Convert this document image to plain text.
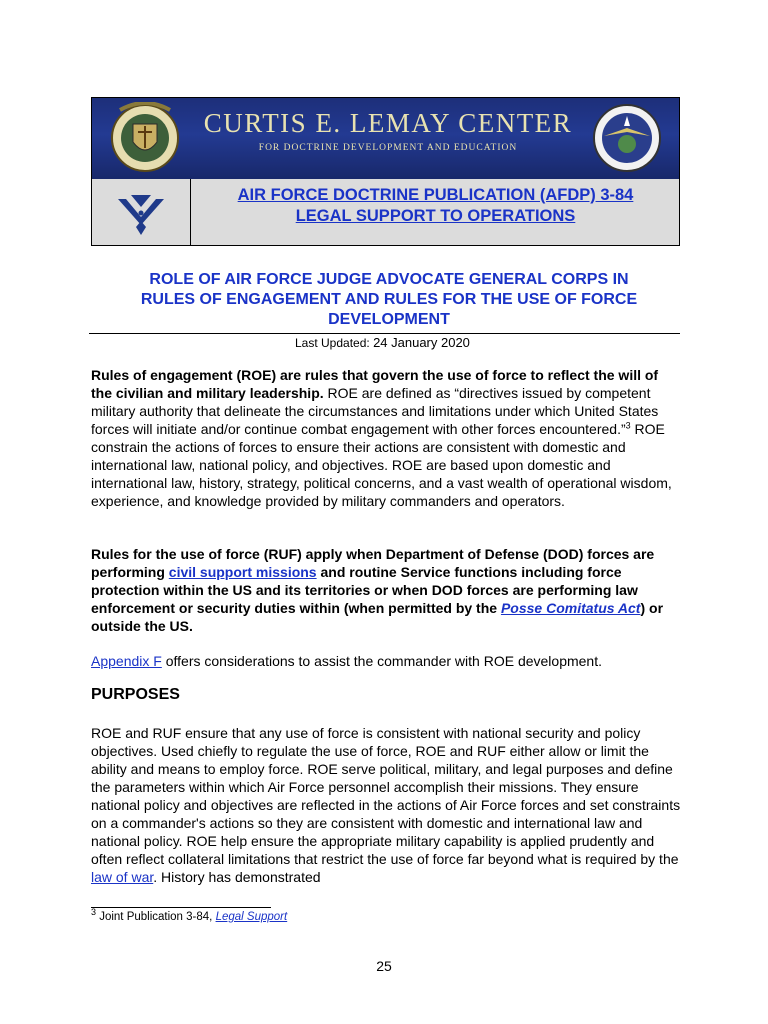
CURTIS E. LEMAY CENTER
FOR DOCTRINE DEVELOPMENT AND EDUCATION
AIR FORCE DOCTRINE PUBLICATION (AFDP) 3-84
LEGAL SUPPORT TO OPERATIONS
ROLE OF AIR FORCE JUDGE ADVOCATE GENERAL CORPS IN
RULES OF ENGAGEMENT AND RULES FOR THE USE OF FORCE
DEVELOPMENT
Last Updated: 24 January 2020
Rules of engagement (ROE) are rules that govern the use of force to reflect the will of the civilian and military leadership. ROE are defined as “directives issued by competent military authority that delineate the circumstances and limitations under which United States forces will initiate and/or continue combat engagement with other forces encountered.”$^3$ ROE constrain the actions of forces to ensure their actions are consistent with domestic and international law, national policy, and objectives. ROE are based upon domestic and international law, history, strategy, political concerns, and a vast wealth of operational wisdom, experience, and knowledge provided by military commanders and operators.
Rules for the use of force (RUF) apply when Department of Defense (DOD) forces are performing civil support missions and routine Service functions including force protection within the US and its territories or when DOD forces are performing law enforcement or security duties within (when permitted by the Posse Comitatus Act) or outside the US.
Appendix F offers considerations to assist the commander with ROE development.
PURPOSES
ROE and RUF ensure that any use of force is consistent with national security and policy objectives. Used chiefly to regulate the use of force, ROE and RUF either allow or limit the ability and means to employ force. ROE serve political, military, and legal purposes and define the parameters within which Air Force personnel accomplish their missions. They ensure national policy and objectives are reflected in the actions of Air Force forces and set constraints on a commander's actions so they are consistent with domestic and international law and national policy. ROE help ensure the appropriate military capability is applied prudently and often reflect collateral limitations that restrict the use of force far beyond what is required by the law of war. History has demonstrated
$^3$ Joint Publication 3-84, Legal Support
25
